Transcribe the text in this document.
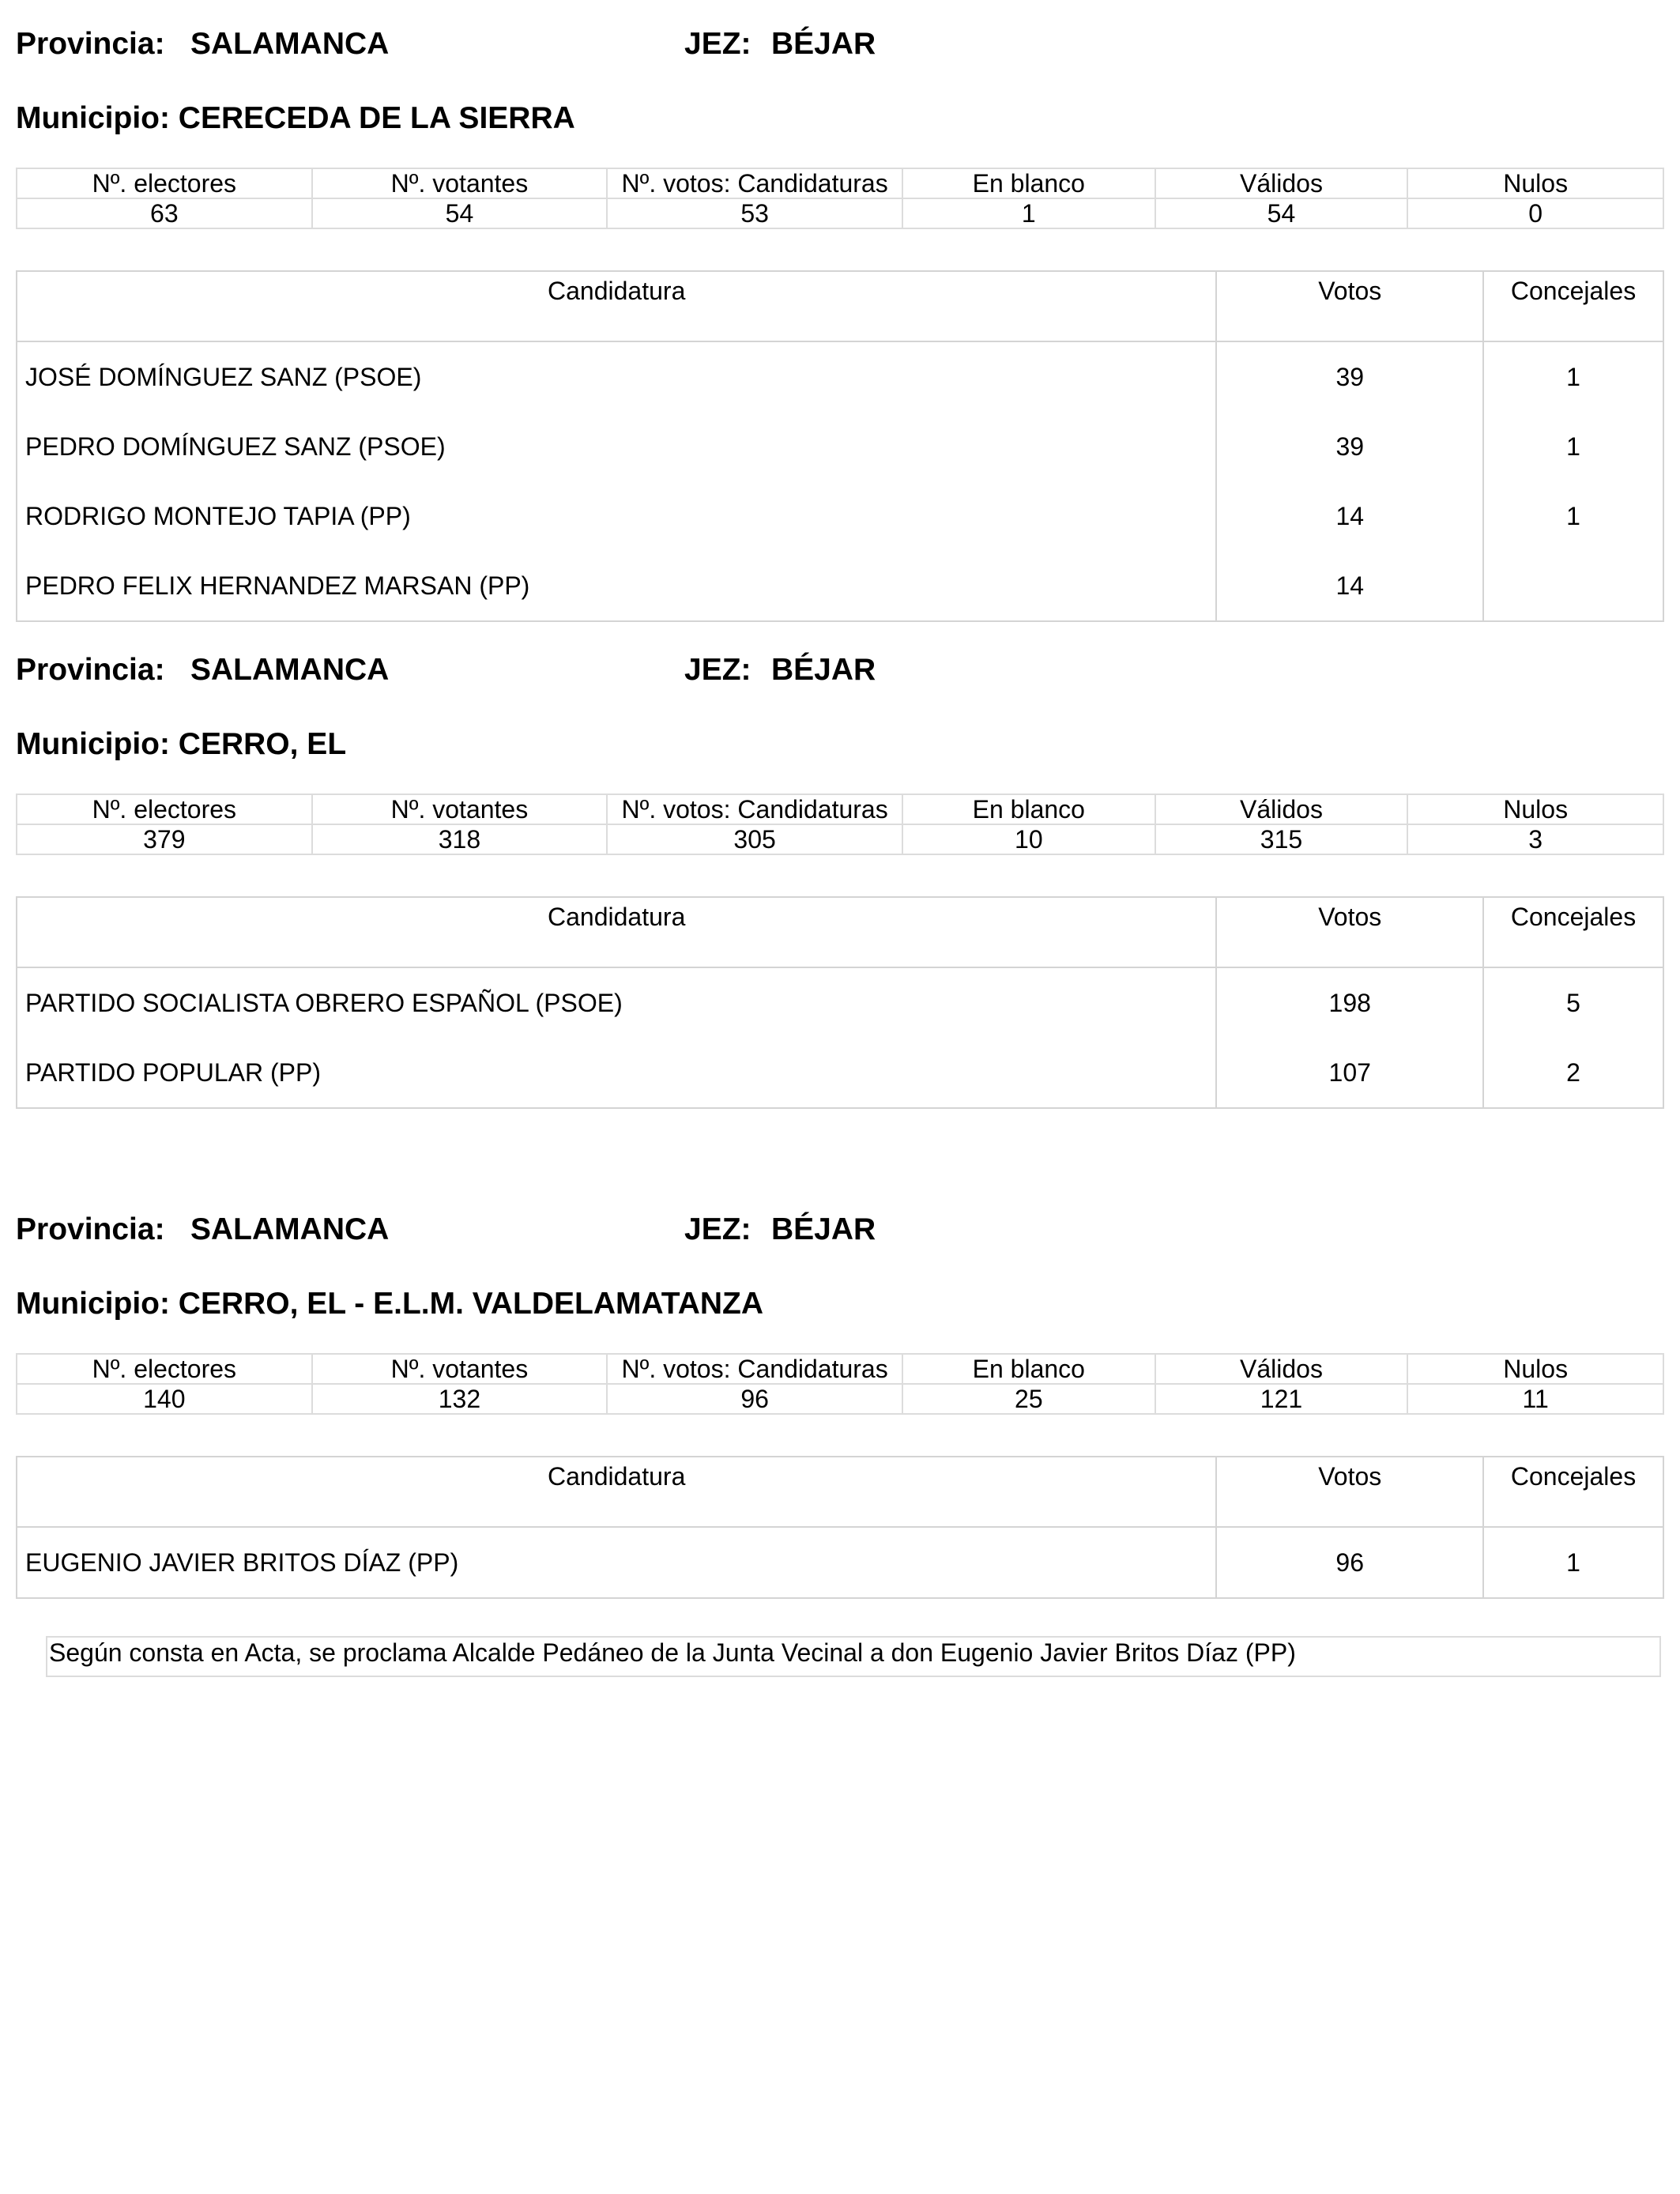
Provincia: SALAMANCA	JEZ: BÉJAR
Municipio: CERECEDA DE LA SIERRA
Nº. electores	Nº. votantes	Nº. votos: Candidaturas	En blanco	Válidos	Nulos
63	54	53	1	54	0
Candidatura	Votos	Concejales
JOSÉ DOMÍNGUEZ SANZ (PSOE)	39	1
PEDRO DOMÍNGUEZ SANZ (PSOE)	39	1
RODRIGO MONTEJO TAPIA (PP)	14	1
PEDRO FELIX HERNANDEZ MARSAN (PP)	14	
Provincia: SALAMANCA	JEZ: BÉJAR
Municipio: CERRO, EL
Nº. electores	Nº. votantes	Nº. votos: Candidaturas	En blanco	Válidos	Nulos
379	318	305	10	315	3
Candidatura	Votos	Concejales
PARTIDO SOCIALISTA OBRERO ESPAÑOL (PSOE)	198	5
PARTIDO POPULAR (PP)	107	2
Provincia: SALAMANCA	JEZ: BÉJAR
Municipio: CERRO, EL - E.L.M. VALDELAMATANZA
Nº. electores	Nº. votantes	Nº. votos: Candidaturas	En blanco	Válidos	Nulos
140	132	96	25	121	11
Candidatura	Votos	Concejales
EUGENIO JAVIER BRITOS DÍAZ (PP)	96	1
Según consta en Acta, se proclama Alcalde Pedáneo de la Junta Vecinal a don Eugenio Javier Britos Díaz (PP)
